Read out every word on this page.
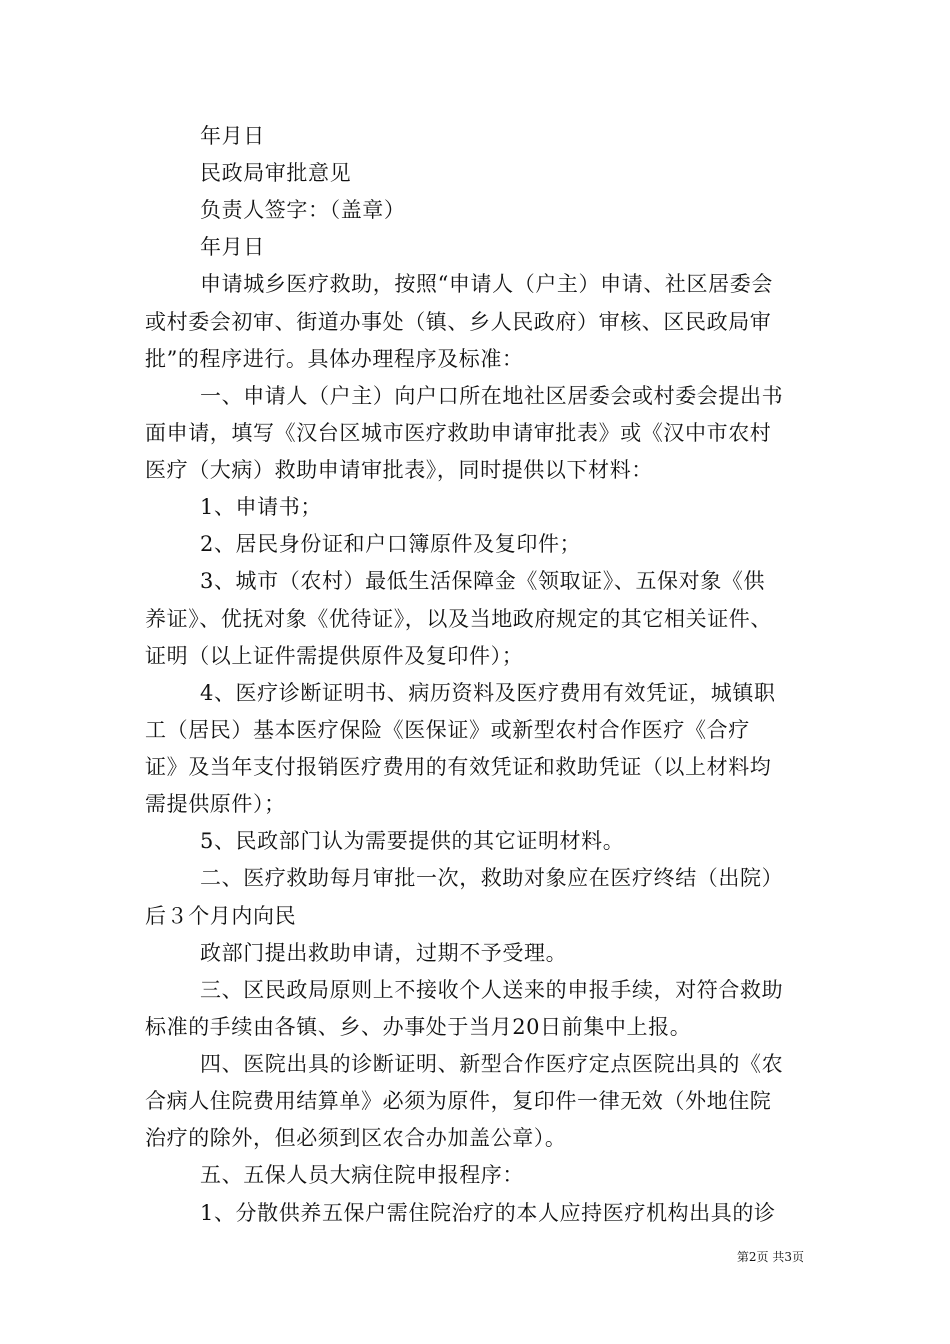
年月日
民政局审批意见
负责人签字：（盖章）
年月日
申请城乡医疗救助，按照“申请人（户主）申请、社区居委会
或村委会初审、街道办事处（镇、乡人民政府）审核、区民政局审
批”的程序进行。具体办理程序及标准：
一、申请人（户主）向户口所在地社区居委会或村委会提出书
面申请，填写《汉台区城市医疗救助申请审批表》或《汉中市农村
医疗（大病）救助申请审批表》，同时提供以下材料：
1、申请书；
2、居民身份证和户口簿原件及复印件；
3、城市（农村）最低生活保障金《领取证》、五保对象《供
养证》、优抚对象《优待证》，以及当地政府规定的其它相关证件、
证明（以上证件需提供原件及复印件）；
4、医疗诊断证明书、病历资料及医疗费用有效凭证，城镇职
工（居民）基本医疗保险《医保证》或新型农村合作医疗《合疗
证》及当年支付报销医疗费用的有效凭证和救助凭证（以上材料均
需提供原件）；
5、民政部门认为需要提供的其它证明材料。
二、医疗救助每月审批一次，救助对象应在医疗终结（出院）
后３个月内向民
政部门提出救助申请，过期不予受理。
三、区民政局原则上不接收个人送来的申报手续，对符合救助
标准的手续由各镇、乡、办事处于当月20日前集中上报。
四、医院出具的诊断证明、新型合作医疗定点医院出具的《农
合病人住院费用结算单》必须为原件，复印件一律无效（外地住院
治疗的除外，但必须到区农合办加盖公章）。
五、五保人员大病住院申报程序：
1、分散供养五保户需住院治疗的本人应持医疗机构出具的诊
第2页 共3页
